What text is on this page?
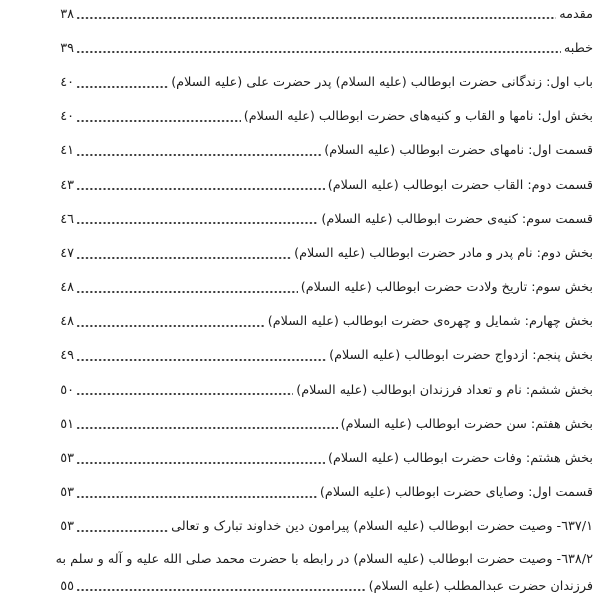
مقدمه
٣٨
خطبه
٣٩
باب اول: زندگانی حضرت ابوطالب (علیه السلام) پدر حضرت علی (علیه السلام)
٤٠
بخش اول: نامها و القاب و کنیه‌های حضرت ابوطالب (علیه السلام)
٤٠
قسمت اول: نامهای حضرت ابوطالب (علیه السلام)
٤١
قسمت دوم: القاب حضرت ابوطالب (علیه السلام)
٤٣
قسمت سوم: کنیه‌ی حضرت ابوطالب (علیه السلام)
٤٦
بخش دوم: نام پدر و مادر حضرت ابوطالب (علیه السلام)
٤٧
بخش سوم: تاریخ ولادت حضرت ابوطالب (علیه السلام)
٤٨
بخش چهارم: شمایل و چهره‌ی حضرت ابوطالب (علیه السلام)
٤٨
بخش پنجم: ازدواج حضرت ابوطالب (علیه السلام)
٤٩
بخش ششم: نام و تعداد فرزندان ابوطالب (علیه السلام)
٥٠
بخش هفتم: سن حضرت ابوطالب (علیه السلام)
٥١
بخش هشتم: وفات حضرت ابوطالب (علیه السلام)
٥٣
قسمت اول: وصایای حضرت ابوطالب (علیه السلام)
٥٣
٦٣٧/١- وصیت حضرت ابوطالب (علیه السلام) پیرامون دین خداوند تبارک و تعالی
٥٣
٦٣٨/٢- وصیت حضرت ابوطالب (علیه السلام) در رابطه با حضرت محمد صلی الله علیه و آله و سلم به
فرزندان حضرت عبدالمطلب (علیه السلام)
٥٥
